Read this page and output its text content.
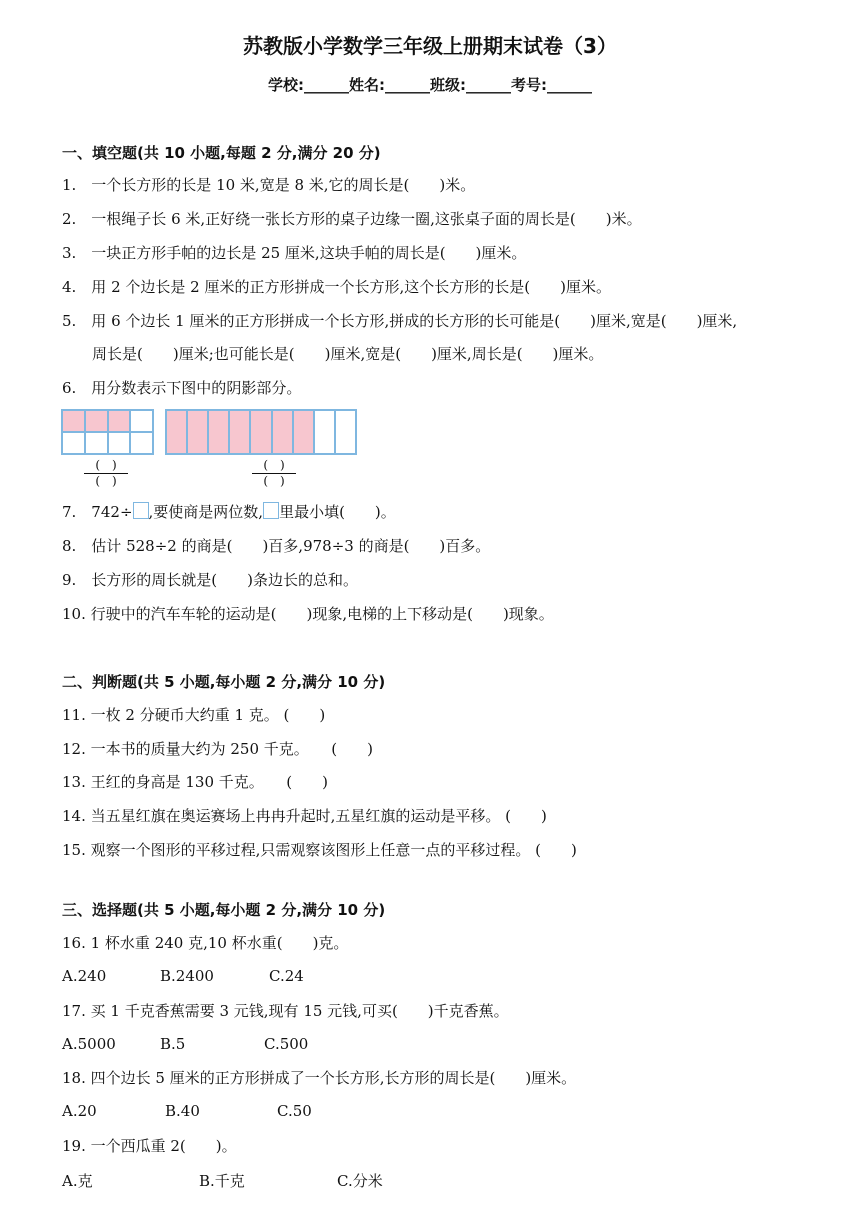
苏教版小学数学三年级上册期末试卷（3）
学校:______姓名:______班级:______考号:______
一、填空题(共 10 小题,每题 2 分,满分 20 分)
1.　一个长方形的长是 10 米,宽是 8 米,它的周长是(　　)米。
2.　一根绳子长 6 米,正好绕一张长方形的桌子边缘一圈,这张桌子面的周长是(　　)米。
3.　一块正方形手帕的边长是 25 厘米,这块手帕的周长是(　　)厘米。
4.　用 2 个边长是 2 厘米的正方形拼成一个长方形,这个长方形的长是(　　)厘米。
5.　用 6 个边长 1 厘米的正方形拼成一个长方形,拼成的长方形的长可能是(　　)厘米,宽是(　　)厘米,
周长是(　　)厘米;也可能长是(　　)厘米,宽是(　　)厘米,周长是(　　)厘米。
6.　用分数表示下图中的阴影部分。
(　)
(　)
(　)
(　)
7.　742÷ ,要使商是两位数, 里最小填(　　)。
8.　估计 528÷2 的商是(　　)百多,978÷3 的商是(　　)百多。
9.　长方形的周长就是(　　)条边长的总和。
10. 行驶中的汽车车轮的运动是(　　)现象,电梯的上下移动是(　　)现象。
二、判断题(共 5 小题,每小题 2 分,满分 10 分)
11. 一枚 2 分硬币大约重 1 克。 (　　)
12. 一本书的质量大约为 250 千克。　　(　　)
13. 王红的身高是 130 千克。　　(　　)
14. 当五星红旗在奥运赛场上冉冉升起时,五星红旗的运动是平移。 (　　)
15. 观察一个图形的平移过程,只需观察该图形上任意一点的平移过程。 (　　)
三、选择题(共 5 小题,每小题 2 分,满分 10 分)
16. 1 杯水重 240 克,10 杯水重(　　)克。
A.240	B.2400	C.24
17. 买 1 千克香蕉需要 3 元钱,现有 15 元钱,可买(　　)千克香蕉。
A.5000	B.5	C.500
18. 四个边长 5 厘米的正方形拼成了一个长方形,长方形的周长是(　　)厘米。
A.20	B.40	C.50
19. 一个西瓜重 2(　　)。
A.克	B.千克	C.分米
